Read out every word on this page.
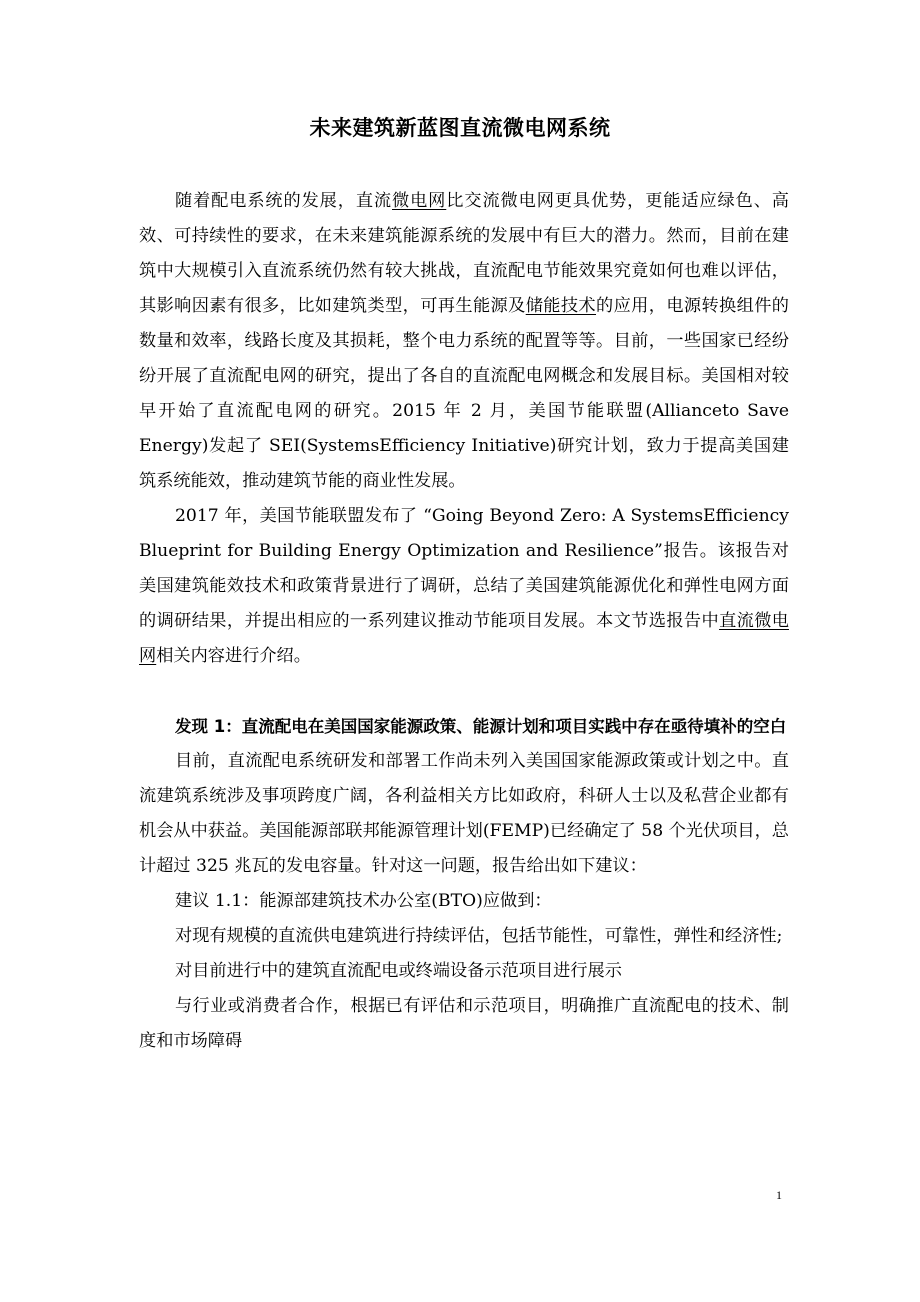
未来建筑新蓝图直流微电网系统

随着配电系统的发展，直流微电网比交流微电网更具优势，更能适应绿色、高效、可持续性的要求，在未来建筑能源系统的发展中有巨大的潜力。然而，目前在建筑中大规模引入直流系统仍然有较大挑战，直流配电节能效果究竟如何也难以评估，其影响因素有很多，比如建筑类型，可再生能源及储能技术的应用，电源转换组件的数量和效率，线路长度及其损耗，整个电力系统的配置等等。目前，一些国家已经纷纷开展了直流配电网的研究，提出了各自的直流配电网概念和发展目标。美国相对较早开始了直流配电网的研究。2015 年 2 月，美国节能联盟(Allianceto Save Energy)发起了 SEI(SystemsEfficiency Initiative)研究计划，致力于提高美国建筑系统能效，推动建筑节能的商业性发展。

2017 年，美国节能联盟发布了 “Going Beyond Zero: A SystemsEfficiency Blueprint for Building Energy Optimization and Resilience”报告。该报告对美国建筑能效技术和政策背景进行了调研，总结了美国建筑能源优化和弹性电网方面的调研结果，并提出相应的一系列建议推动节能项目发展。本文节选报告中直流微电网相关内容进行介绍。

发现 1：直流配电在美国国家能源政策、能源计划和项目实践中存在亟待填补的空白

目前，直流配电系统研发和部署工作尚未列入美国国家能源政策或计划之中。直流建筑系统涉及事项跨度广阔，各利益相关方比如政府，科研人士以及私营企业都有机会从中获益。美国能源部联邦能源管理计划(FEMP)已经确定了 58 个光伏项目，总计超过 325 兆瓦的发电容量。针对这一问题，报告给出如下建议：

建议 1.1：能源部建筑技术办公室(BTO)应做到：

对现有规模的直流供电建筑进行持续评估，包括节能性，可靠性，弹性和经济性;

对目前进行中的建筑直流配电或终端设备示范项目进行展示

与行业或消费者合作，根据已有评估和示范项目，明确推广直流配电的技术、制度和市场障碍

1
